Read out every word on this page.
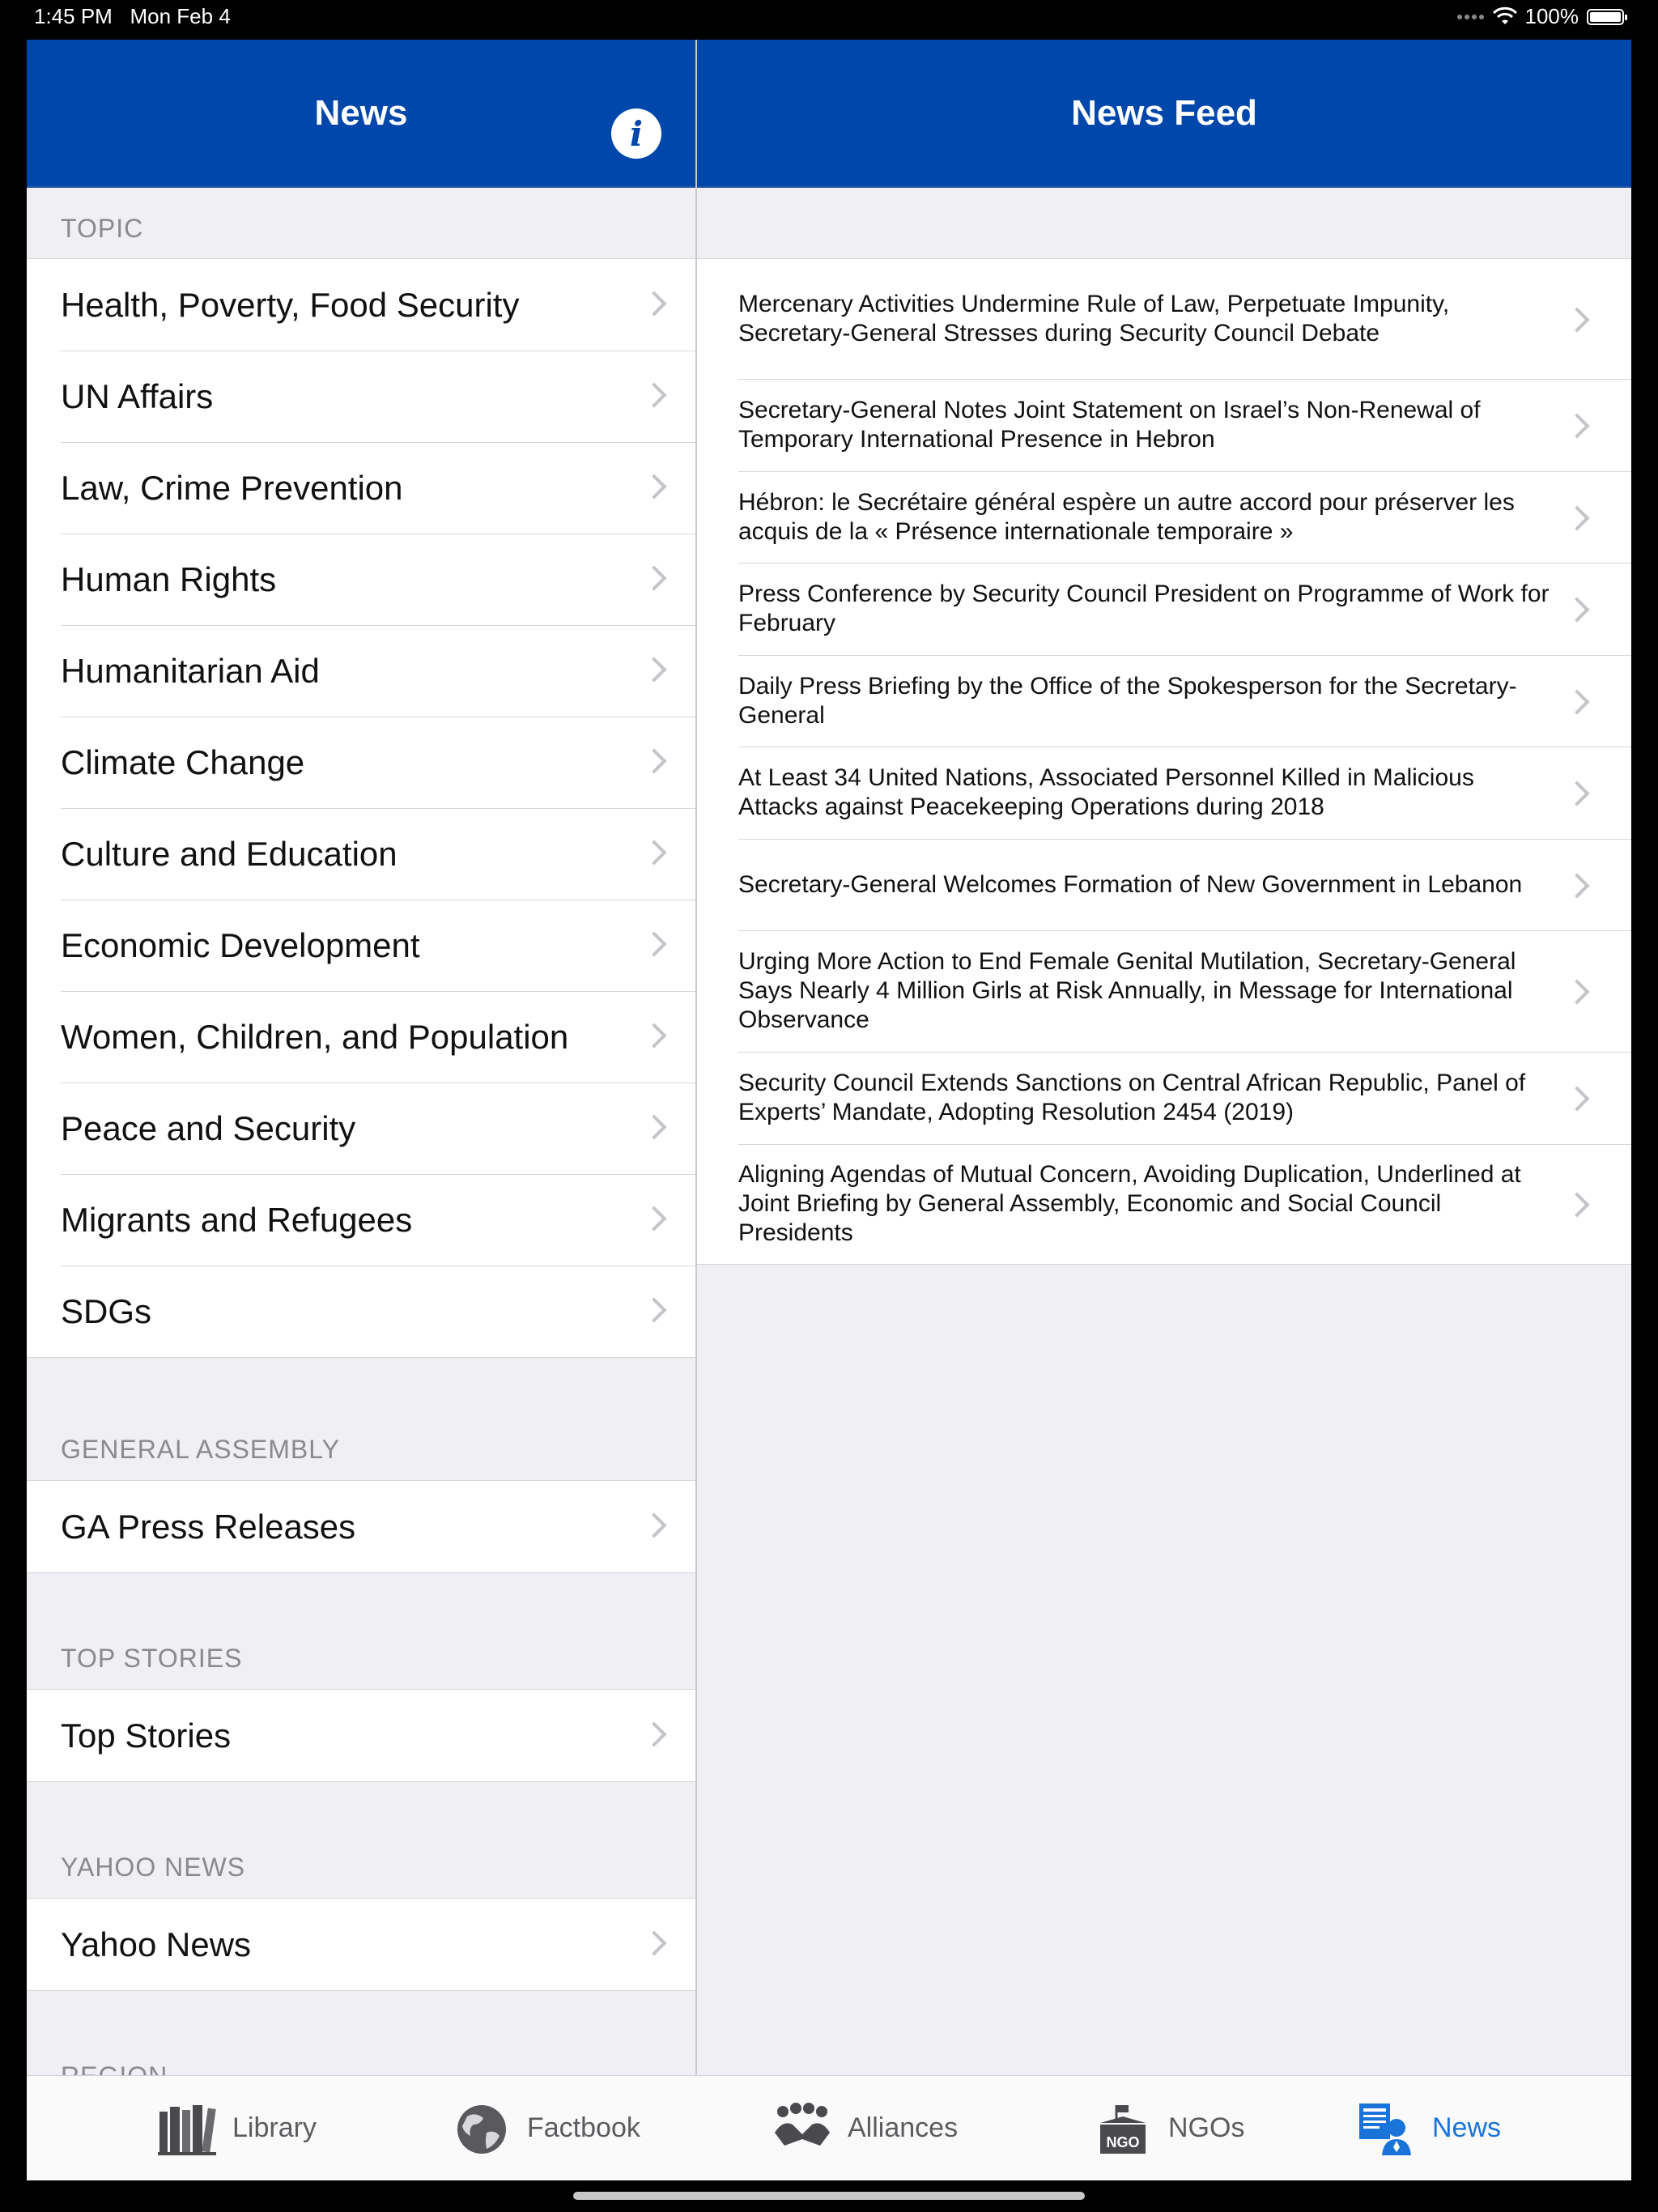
1:45 PM Mon Feb 4	100%
News
i
TOPIC
Health, Poverty, Food Security
UN Affairs
Law, Crime Prevention
Human Rights
Humanitarian Aid
Climate Change
Culture and Education
Economic Development
Women, Children, and Population
Peace and Security
Migrants and Refugees
SDGs
GENERAL ASSEMBLY
GA Press Releases
TOP STORIES
Top Stories
YAHOO NEWS
Yahoo News
News Feed
Mercenary Activities Undermine Rule of Law, Perpetuate Impunity, Secretary-General Stresses during Security Council Debate
Secretary-General Notes Joint Statement on Israel’s Non-Renewal of Temporary International Presence in Hebron
Hébron: le Secrétaire général espère un autre accord pour préserver les acquis de la « Présence internationale temporaire »
Press Conference by Security Council President on Programme of Work for February
Daily Press Briefing by the Office of the Spokesperson for the Secretary-General
At Least 34 United Nations, Associated Personnel Killed in Malicious Attacks against Peacekeeping Operations during 2018
Secretary-General Welcomes Formation of New Government in Lebanon
Urging More Action to End Female Genital Mutilation, Secretary-General Says Nearly 4 Million Girls at Risk Annually, in Message for International Observance
Security Council Extends Sanctions on Central African Republic, Panel of Experts’ Mandate, Adopting Resolution 2454 (2019)
Aligning Agendas of Mutual Concern, Avoiding Duplication, Underlined at Joint Briefing by General Assembly, Economic and Social Council Presidents
Library	Factbook	Alliances	NGO NGOs	News
